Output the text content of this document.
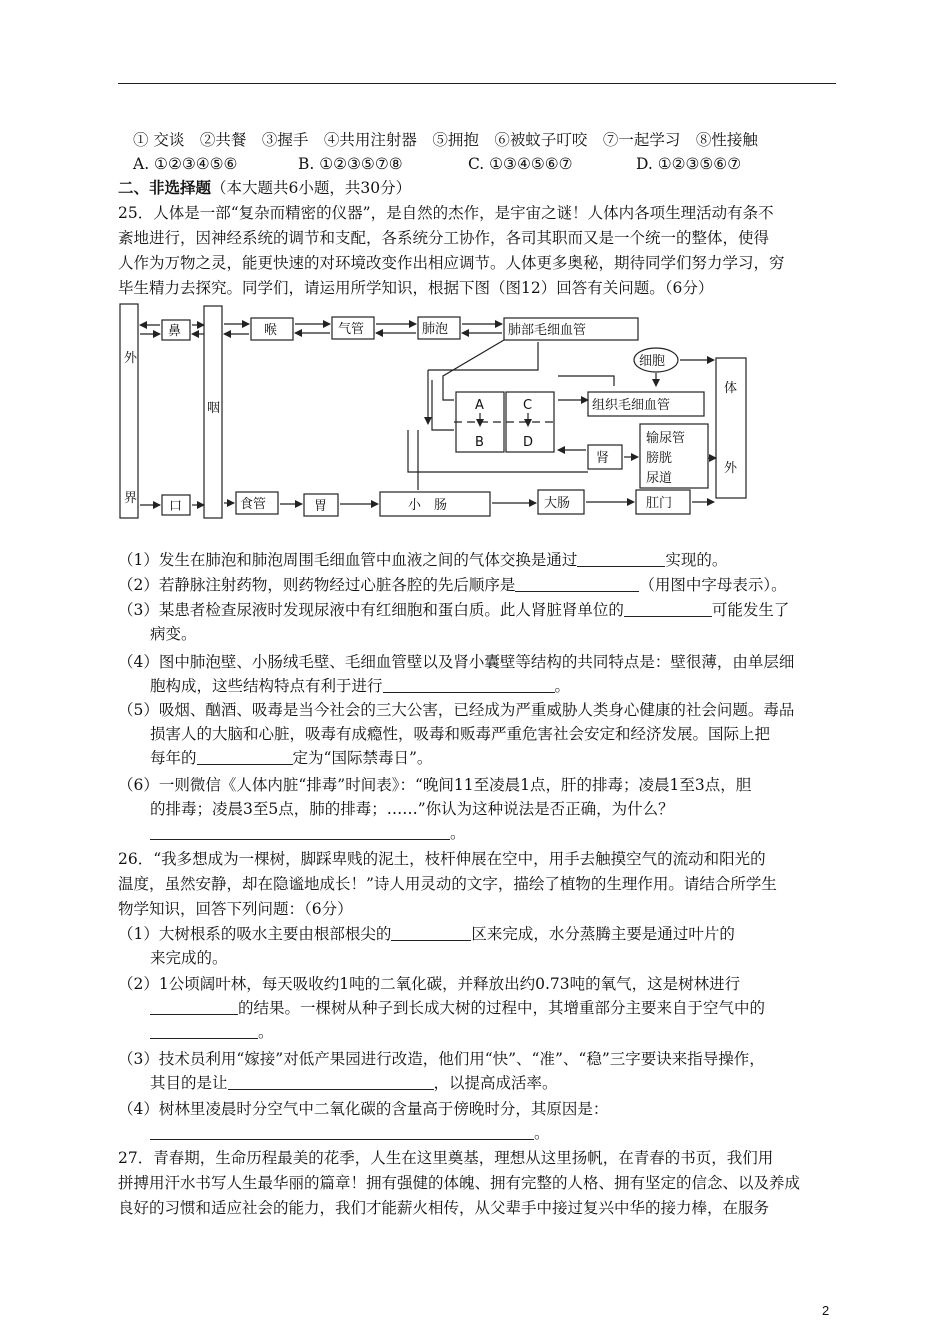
① 交谈　②共餐　③握手　④共用注射器　⑤拥抱　⑥被蚊子叮咬　⑦一起学习　⑧性接触
A. ①②③④⑤⑥	B. ①②③⑤⑦⑧	C. ①③④⑤⑥⑦	D. ①②③⑤⑥⑦
二、非选择题（本大题共6小题，共30分）
25．人体是一部“复杂而精密的仪器”，是自然的杰作，是宇宙之谜！人体内各项生理活动有条不
紊地进行，因神经系统的调节和支配，各系统分工协作，各司其职而又是一个统一的整体，使得
人作为万物之灵，能更快速的对环境改变作出相应调节。人体更多奥秘，期待同学们努力学习，穷
毕生精力去探究。同学们，请运用所学知识，根据下图（图12）回答有关问题。（6分）
外
界
咽
体
外
鼻	喉	气管	肺泡	肺部毛细血管
A
B
C
D
细胞
组织毛细血管
肾
输尿管
膀胱
尿道
口	食管	胃	小　肠	大肠	肛门
（1）发生在肺泡和肺泡周围毛细血管中血液之间的气体交换是通过	实现的。
（2）若静脉注射药物，则药物经过心脏各腔的先后顺序是	（用图中字母表示）。
（3）某患者检查尿液时发现尿液中有红细胞和蛋白质。此人肾脏肾单位的	可能发生了
病变。
（4）图中肺泡壁、小肠绒毛壁、毛细血管壁以及肾小囊壁等结构的共同特点是：壁很薄，由单层细
胞构成，这些结构特点有利于进行	。
（5）吸烟、酗酒、吸毒是当今社会的三大公害，已经成为严重威胁人类身心健康的社会问题。毒品
损害人的大脑和心脏，吸毒有成瘾性，吸毒和贩毒严重危害社会安定和经济发展。国际上把
每年的	定为“国际禁毒日”。
（6）一则微信《人体内脏“排毒”时间表》：“晚间11至凌晨1点，肝的排毒；凌晨1至3点，胆
的排毒；凌晨3至5点，肺的排毒；……”你认为这种说法是否正确，为什么？
。
26．“我多想成为一棵树，脚踩卑贱的泥土，枝杆伸展在空中，用手去触摸空气的流动和阳光的
温度，虽然安静，却在隐谧地成长！”诗人用灵动的文字，描绘了植物的生理作用。请结合所学生
物学知识，回答下列问题：（6分）
（1）大树根系的吸水主要由根部根尖的	区来完成，水分蒸腾主要是通过叶片的
来完成的。
（2）1公顷阔叶林，每天吸收约1吨的二氧化碳，并释放出约0.73吨的氧气，这是树林进行
的结果。一棵树从种子到长成大树的过程中，其增重部分主要来自于空气中的
。
（3）技术员利用“嫁接”对低产果园进行改造，他们用“快”、“准”、“稳”三字要诀来指导操作，
其目的是让	，以提高成活率。
（4）树林里凌晨时分空气中二氧化碳的含量高于傍晚时分，其原因是：
。
27．青春期，生命历程最美的花季，人生在这里奠基，理想从这里扬帆，在青春的书页，我们用
拼搏用汗水书写人生最华丽的篇章！拥有强健的体魄、拥有完整的人格、拥有坚定的信念、以及养成
良好的习惯和适应社会的能力，我们才能薪火相传，从父辈手中接过复兴中华的接力棒，在服务
2
